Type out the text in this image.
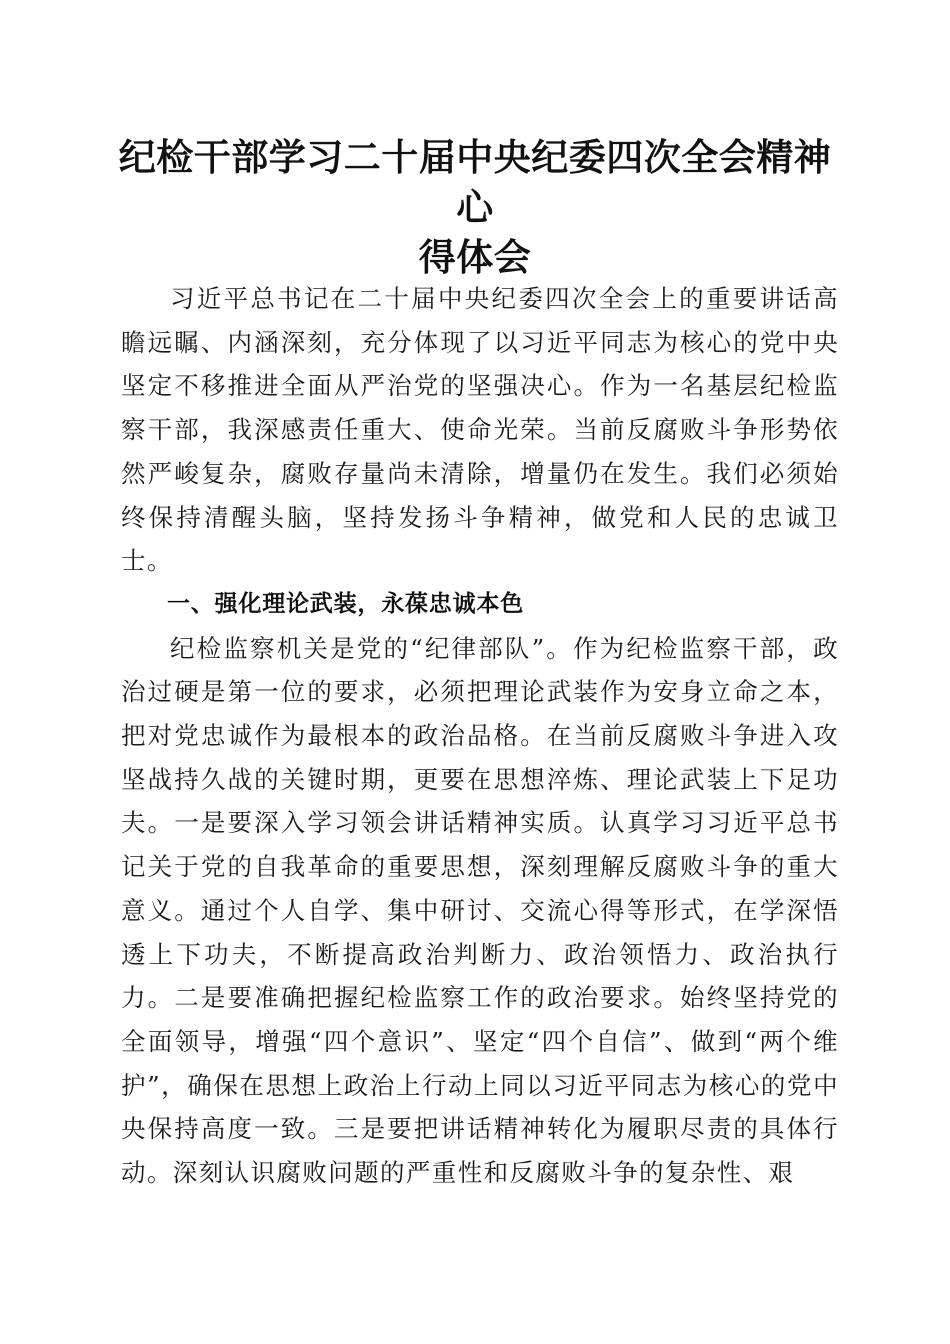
纪检干部学习二十届中央纪委四次全会精神心
得体会

习近平总书记在二十届中央纪委四次全会上的重要讲话高瞻远瞩、内涵深刻，充分体现了以习近平同志为核心的党中央坚定不移推进全面从严治党的坚强决心。作为一名基层纪检监察干部，我深感责任重大、使命光荣。当前反腐败斗争形势依然严峻复杂，腐败存量尚未清除，增量仍在发生。我们必须始终保持清醒头脑，坚持发扬斗争精神，做党和人民的忠诚卫士。

一、强化理论武装，永葆忠诚本色

纪检监察机关是党的“纪律部队”。作为纪检监察干部，政治过硬是第一位的要求，必须把理论武装作为安身立命之本，把对党忠诚作为最根本的政治品格。在当前反腐败斗争进入攻坚战持久战的关键时期，更要在思想淬炼、理论武装上下足功夫。一是要深入学习领会讲话精神实质。认真学习习近平总书记关于党的自我革命的重要思想，深刻理解反腐败斗争的重大意义。通过个人自学、集中研讨、交流心得等形式，在学深悟透上下功夫，不断提高政治判断力、政治领悟力、政治执行力。二是要准确把握纪检监察工作的政治要求。始终坚持党的全面领导，增强“四个意识”、坚定“四个自信”、做到“两个维护”，确保在思想上政治上行动上同以习近平同志为核心的党中央保持高度一致。三是要把讲话精神转化为履职尽责的具体行动。深刻认识腐败问题的严重性和反腐败斗争的复杂性、艰
